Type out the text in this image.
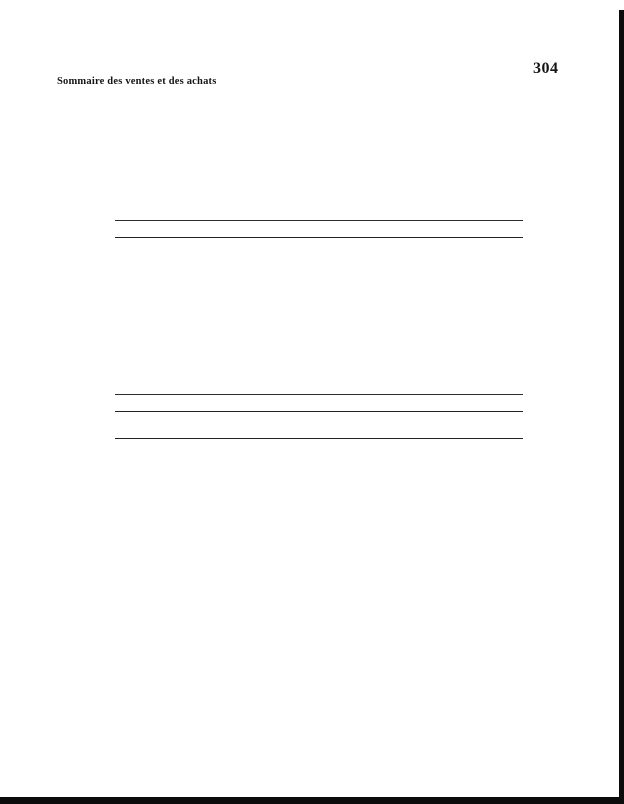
304
Sommaire des ventes et des achats
